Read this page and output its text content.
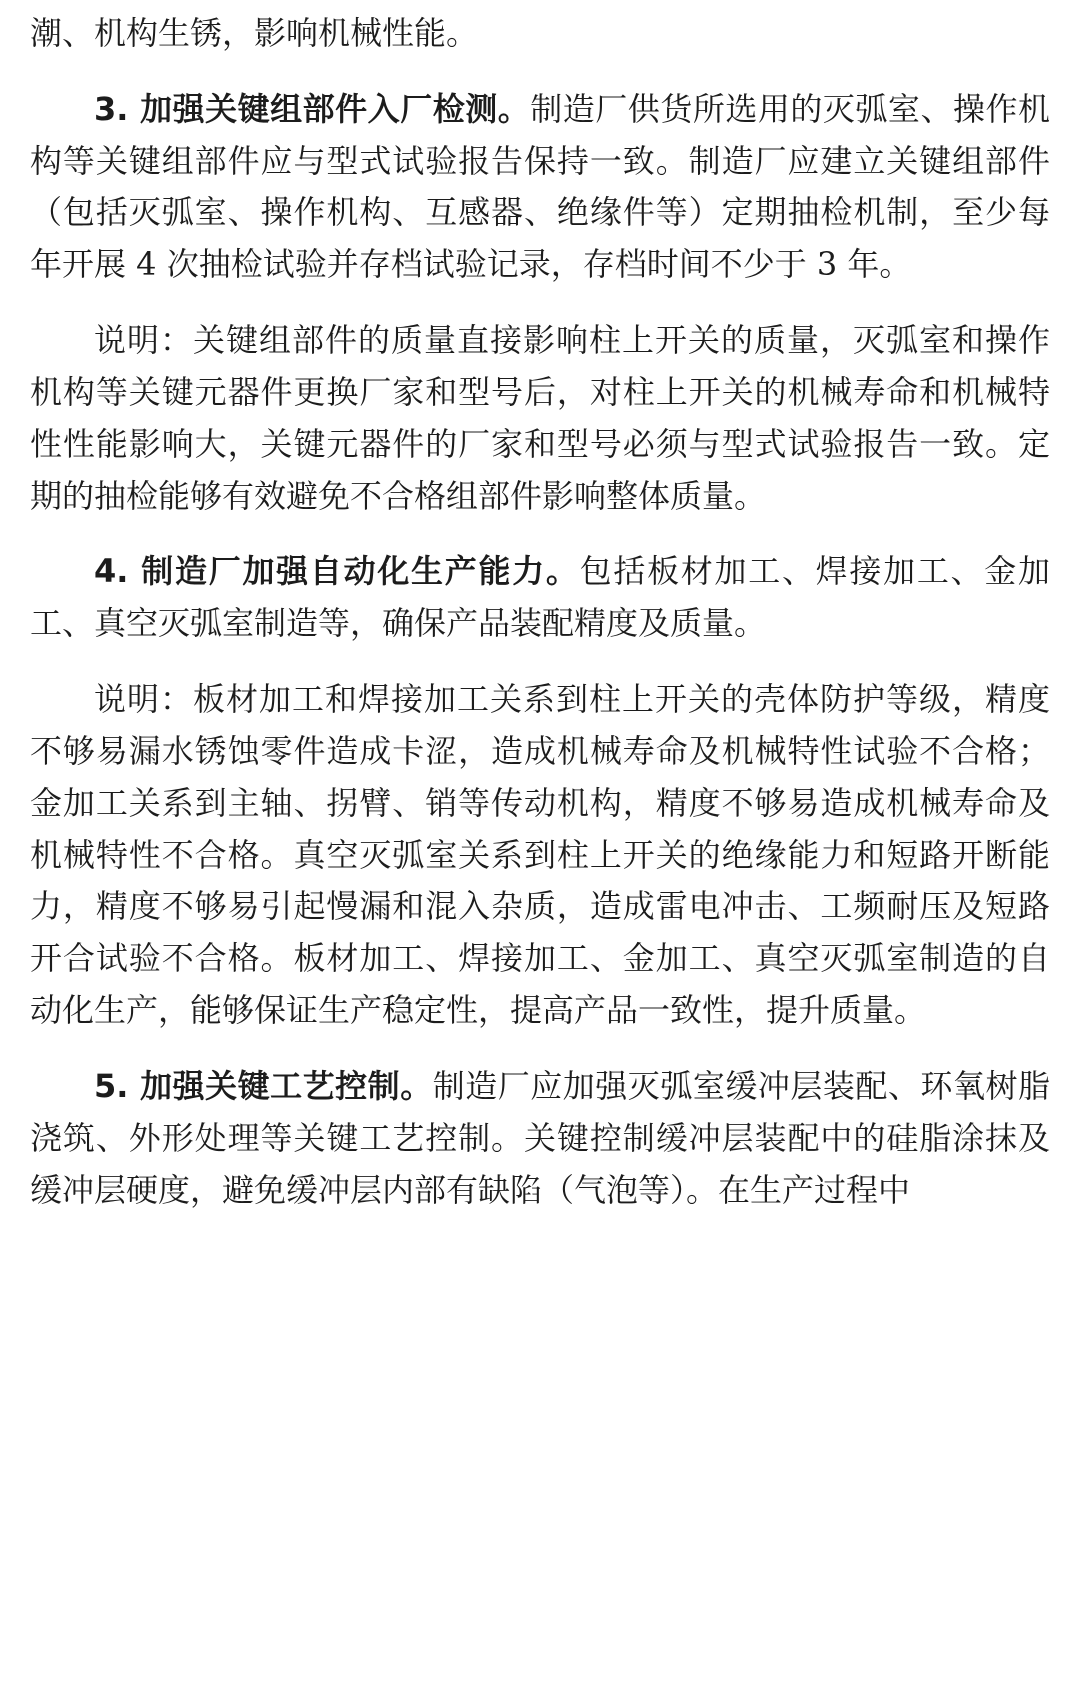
潮、机构生锈，影响机械性能。

3. 加强关键组部件入厂检测。制造厂供货所选用的灭弧室、操作机构等关键组部件应与型式试验报告保持一致。制造厂应建立关键组部件（包括灭弧室、操作机构、互感器、绝缘件等）定期抽检机制，至少每年开展 4 次抽检试验并存档试验记录，存档时间不少于 3 年。

说明：关键组部件的质量直接影响柱上开关的质量，灭弧室和操作机构等关键元器件更换厂家和型号后，对柱上开关的机械寿命和机械特性性能影响大，关键元器件的厂家和型号必须与型式试验报告一致。定期的抽检能够有效避免不合格组部件影响整体质量。

4. 制造厂加强自动化生产能力。包括板材加工、焊接加工、金加工、真空灭弧室制造等，确保产品装配精度及质量。

说明：板材加工和焊接加工关系到柱上开关的壳体防护等级，精度不够易漏水锈蚀零件造成卡涩，造成机械寿命及机械特性试验不合格；金加工关系到主轴、拐臂、销等传动机构，精度不够易造成机械寿命及机械特性不合格。真空灭弧室关系到柱上开关的绝缘能力和短路开断能力，精度不够易引起慢漏和混入杂质，造成雷电冲击、工频耐压及短路开合试验不合格。板材加工、焊接加工、金加工、真空灭弧室制造的自动化生产，能够保证生产稳定性，提高产品一致性，提升质量。

5. 加强关键工艺控制。制造厂应加强灭弧室缓冲层装配、环氧树脂浇筑、外形处理等关键工艺控制。关键控制缓冲层装配中的硅脂涂抹及缓冲层硬度，避免缓冲层内部有缺陷（气泡等）。在生产过程中
